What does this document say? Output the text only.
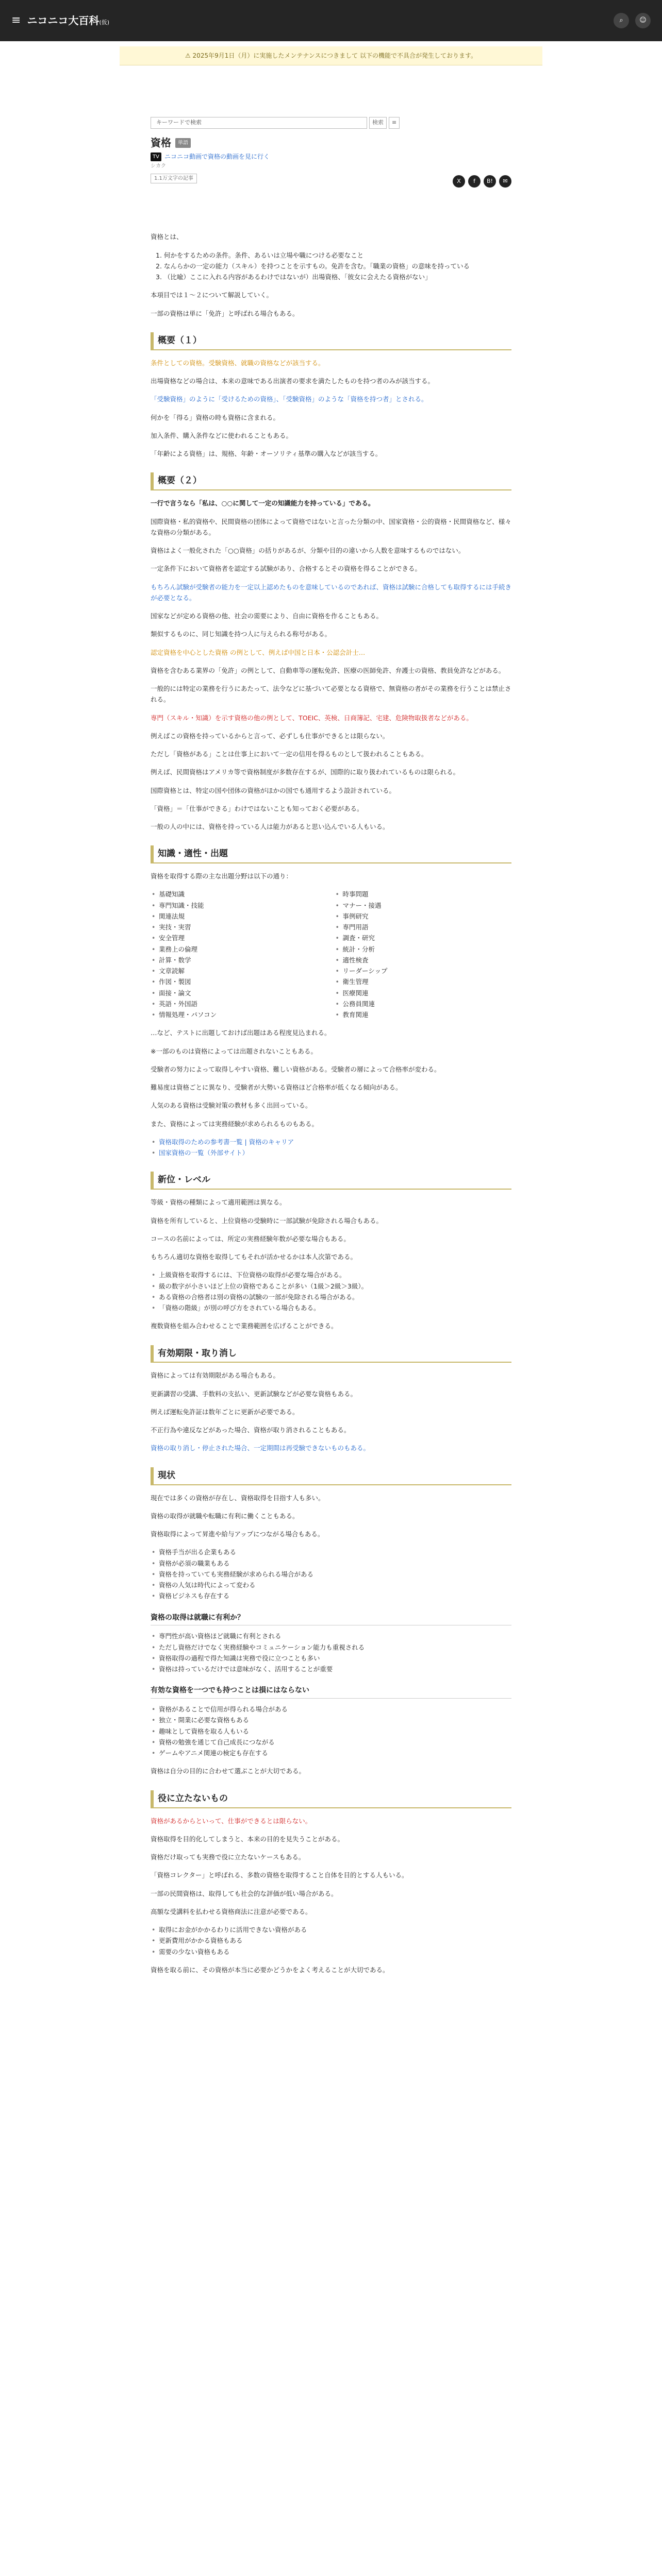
≡ ニコニコ大百科(仮)	⌕	☺
⚠ 2025年9月1日（月）に実施したメンテナンスにつきまして 以下の機能で不具合が発生しております。
キーワードで検索	検索	≡
資格	単語
TV ニコニコ動画で資格の動画を見に行く
シカク
1.1万文字の記事	X	f	B!	✉

資格とは、

1. 何かをするための条件。条件、あるいは立場や職につける必要なこと
2. なんらかの一定の能力（スキル）を持つことを示すもの。免許を含む。「職業の資格」の意味を持っている
3. （比喩）ここに入れる内容があるわけではないが）出場資格、「彼女に会えたる資格がない」

本項目では１～２について解説していく。

一部の資格は単に「免許」と呼ばれる場合もある。

概要（１）

条件としての資格。受験資格、就職の資格などが該当する。

出場資格などの場合は、本来の意味である出演者の要求を満たしたものを持つ者のみが該当する。

「受験資格」のように「受けるための資格」、「受験資格」のような「資格を持つ者」とされる。

何かを「得る」資格の時も資格に含まれる。

加入条件、購入条件などに使われることもある。

「年齢による資格」は、規格、年齢・オーソリティ基準の購入などが該当する。

概要（２）

一行で言うなら「私は、○○に関して一定の知識能力を持っている」である。

国際資格・私的資格や、民間資格の団体によって資格ではないと言った分類の中、国家資格・公的資格・民間資格など、様々な資格の分類がある。

資格はよく一般化された「○○資格」の括りがあるが、分類や目的の違いから人数を意味するものではない。

一定条件下において資格者を認定する試験があり、合格するとその資格を得ることができる。

もちろん試験が受験者の能力を一定以上認めたものを意味しているのであれば、資格は試験に合格しても取得するには手続きが必要となる。

国家などが定める資格の他、社会の需要により、自由に資格を作ることもある。

類似するものに、同じ知識を持つ人に与えられる称号がある。

認定資格を中心とした資格 の例として、例えば中国と日本・公認会計士…

資格を含むある業界の「免許」の例として、自動車等の運転免許、医療の医師免許、弁護士の資格、教員免許などがある。

一般的には特定の業務を行うにあたって、法令などに基づいて必要となる資格で、無資格の者がその業務を行うことは禁止される。

専門（スキル・知識）を示す資格の他の例として、TOEIC、英検、日商簿記、宅建、危険物取扱者などがある。

例えばこの資格を持っているからと言って、必ずしも仕事ができるとは限らない。

ただし「資格がある」ことは仕事上において一定の信用を得るものとして扱われることもある。

例えば、民間資格はアメリカ等で資格制度が多数存在するが、国際的に取り扱われているものは限られる。

国際資格とは、特定の国や団体の資格がほかの国でも通用するよう設計されている。

「資格」＝「仕事ができる」わけではないことも知っておく必要がある。

一般の人の中には、資格を持っている人は能力があると思い込んでいる人もいる。

知識・適性・出題

資格を取得する際の主な出題分野は以下の通り：

• 基礎知識
• 専門知識・技能
• 関連法規
• 実技・実習
• 安全管理
• 業務上の倫理
• 計算・数学
• 文章読解
• 作図・製図
• 面接・論文
• 英語・外国語
• 情報処理・パソコン
• 時事問題
• マナー・接遇
• 事例研究
• 専門用語
• 調査・研究
• 統計・分析
• 適性検査
• リーダーシップ
• 衛生管理
• 医療関連
• 公務員関連
• 教育関連

…など、テストに出題しておけば出題はある程度見込まれる。

※一部のものは資格によっては出題されないこともある。

受験者の努力によって取得しやすい資格、難しい資格がある。受験者の層によって合格率が変わる。

難易度は資格ごとに異なり、受験者が大勢いる資格ほど合格率が低くなる傾向がある。

人気のある資格は受験対策の教材も多く出回っている。

また、資格によっては実務経験が求められるものもある。

• 資格取得のための参考書一覧 | 資格のキャリア
• 国家資格の一覧（外部サイト）
新位・レベル

等級・資格の種類によって適用範囲は異なる。

資格を所有していると、上位資格の受験時に一部試験が免除される場合もある。

コースの名前によっては、所定の実務経験年数が必要な場合もある。

もちろん適切な資格を取得してもそれが活かせるかは本人次第である。

• 上級資格を取得するには、下位資格の取得が必要な場合がある。
• 級の数字が小さいほど上位の資格であることが多い（1級＞2級＞3級）。
• ある資格の合格者は別の資格の試験の一部が免除される場合がある。
• 「資格の階級」が別の呼び方をされている場合もある。

複数資格を組み合わせることで業務範囲を広げることができる。

有効期限・取り消し

資格によっては有効期限がある場合もある。

更新講習の受講、手数料の支払い、更新試験などが必要な資格もある。

例えば運転免許証は数年ごとに更新が必要である。

不正行為や違反などがあった場合、資格が取り消されることもある。

資格の取り消し・停止された場合、一定期間は再受験できないものもある。

現状

現在では多くの資格が存在し、資格取得を目指す人も多い。

資格の取得が就職や転職に有利に働くこともある。

資格取得によって昇進や給与アップにつながる場合もある。

• 資格手当が出る企業もある
• 資格が必須の職業もある
• 資格を持っていても実務経験が求められる場合がある
• 資格の人気は時代によって変わる
• 資格ビジネスも存在する
資格の取得は就職に有利か？
• 専門性が高い資格ほど就職に有利とされる
• ただし資格だけでなく実務経験やコミュニケーション能力も重視される
• 資格取得の過程で得た知識は実務で役に立つことも多い
• 資格は持っているだけでは意味がなく、活用することが重要
有効な資格を一つでも持つことは損にはならない
• 資格があることで信用が得られる場合がある
• 独立・開業に必要な資格もある
• 趣味として資格を取る人もいる
• 資格の勉強を通じて自己成長につながる
• ゲームやアニメ関連の検定も存在する

資格は自分の目的に合わせて選ぶことが大切である。

役に立たないもの

資格があるからといって、仕事ができるとは限らない。

資格取得を目的化してしまうと、本来の目的を見失うことがある。

資格だけ取っても実務で役に立たないケースもある。

「資格コレクター」と呼ばれる、多数の資格を取得すること自体を目的とする人もいる。

一部の民間資格は、取得しても社会的な評価が低い場合がある。

高額な受講料を払わせる資格商法に注意が必要である。

• 取得にお金がかかるわりに活用できない資格がある
• 更新費用がかかる資格もある
• 需要の少ない資格もある

資格を取る前に、その資格が本当に必要かどうかをよく考えることが大切である。
